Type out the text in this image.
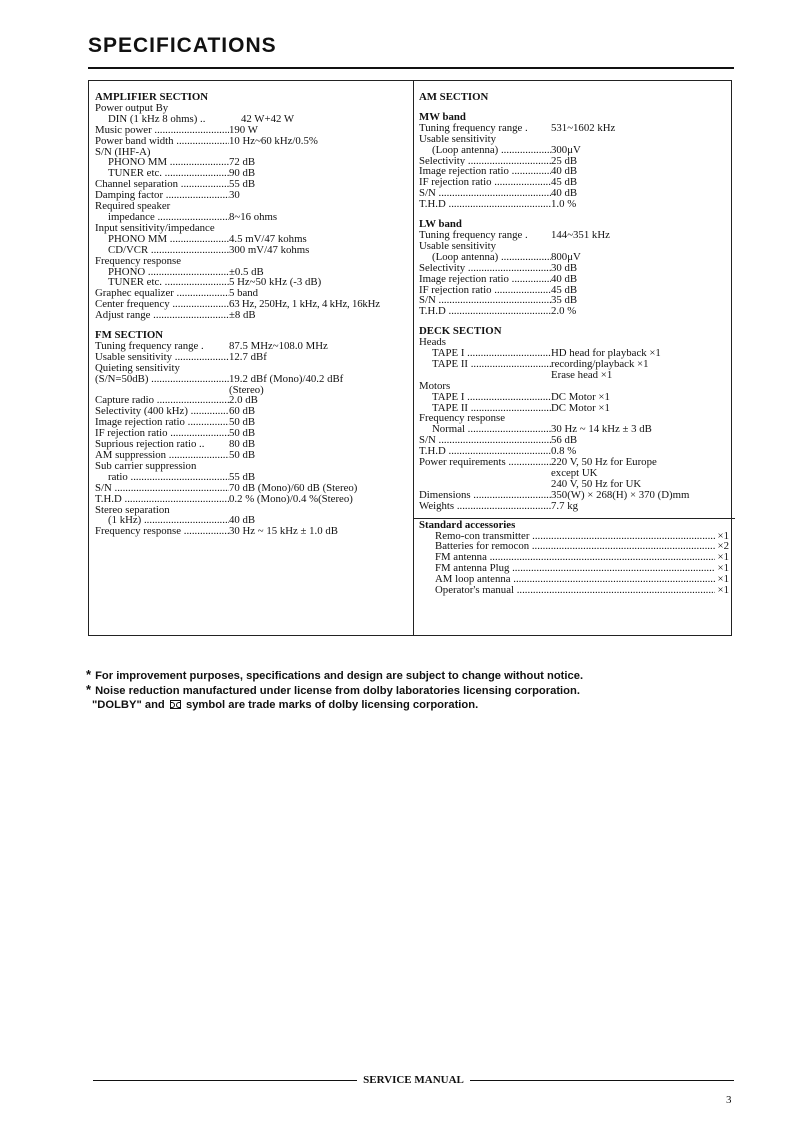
SPECIFICATIONS
AMPLIFIER SECTION
Power output By
DIN (1 kHz 8 ohms) ..	42 W+42 W
Music power .....	190 W
Power band width .....	10 Hz~60 kHz/0.5%
S/N (IHF-A)
PHONO MM .....	72 dB
TUNER etc. .....	90 dB
Channel separation .....	55 dB
Damping factor .....	30
Required speaker
impedance .....	8~16 ohms
Input sensitivity/impedance
PHONO MM .....	4.5 mV/47 kohms
CD/VCR .....	300 mV/47 kohms
Frequency response
PHONO .....	±0.5 dB
TUNER etc. .....	5 Hz~50 kHz (-3 dB)
Graphec equalizer .....	5 band
Center frequency .....	63 Hz, 250Hz, 1 kHz, 4 kHz, 16kHz
Adjust range .....	±8 dB
FM SECTION
Tuning frequency range .	87.5 MHz~108.0 MHz
Usable sensitivity .....	12.7 dBf
Quieting sensitivity
(S/N=50dB) .....	19.2 dBf (Mono)/40.2 dBf
(Stereo)
Capture radio .....	2.0 dB
Selectivity (400 kHz) .....	60 dB
Image rejection ratio .....	50 dB
IF rejection ratio .....	50 dB
Suprious rejection ratio ..	80 dB
AM suppression .....	50 dB
Sub carrier suppression
ratio .....	55 dB
S/N .....	70 dB (Mono)/60 dB (Stereo)
T.H.D .....	0.2 % (Mono)/0.4 %(Stereo)
Stereo separation
(1 kHz) .....	40 dB
Frequency response .....	30 Hz ~ 15 kHz ± 1.0 dB
AM SECTION
MW band
Tuning frequency range .	531~1602 kHz
Usable sensitivity
(Loop antenna) .....	300μV
Selectivity .....	25 dB
Image rejection ratio .....	40 dB
IF rejection ratio .....	45 dB
S/N .....	40 dB
T.H.D .....	1.0 %
LW band
Tuning frequency range .	144~351 kHz
Usable sensitivity
(Loop antenna) .....	800μV
Selectivity .....	30 dB
Image rejection ratio .....	40 dB
IF rejection ratio .....	45 dB
S/N .....	35 dB
T.H.D .....	2.0 %
DECK SECTION
Heads
TAPE I .....	HD head for playback ×1
TAPE II .....	recording/playback ×1
Erase head ×1
Motors
TAPE I .....	DC Motor ×1
TAPE II .....	DC Motor ×1
Frequency response
Normal .....	30 Hz ~ 14 kHz ± 3 dB
S/N .....	56 dB
T.H.D .....	0.8 %
Power requirements .....	220 V, 50 Hz for Europe
except UK
240 V, 50 Hz for UK
Dimensions .....	350(W) × 268(H) × 370 (D)mm
Weights .....	7.7 kg
Standard accessories
Remo-con transmitter .....	×1
Batteries for remocon .....	×2
FM antenna .....	×1
FM antenna Plug .....	×1
AM loop antenna .....	×1
Operator's manual .....	×1
* For improvement purposes, specifications and design are subject to change without notice.
* Noise reduction manufactured under license from dolby laboratories licensing corporation.
"DOLBY" and symbol are trade marks of dolby licensing corporation.
SERVICE MANUAL
3
